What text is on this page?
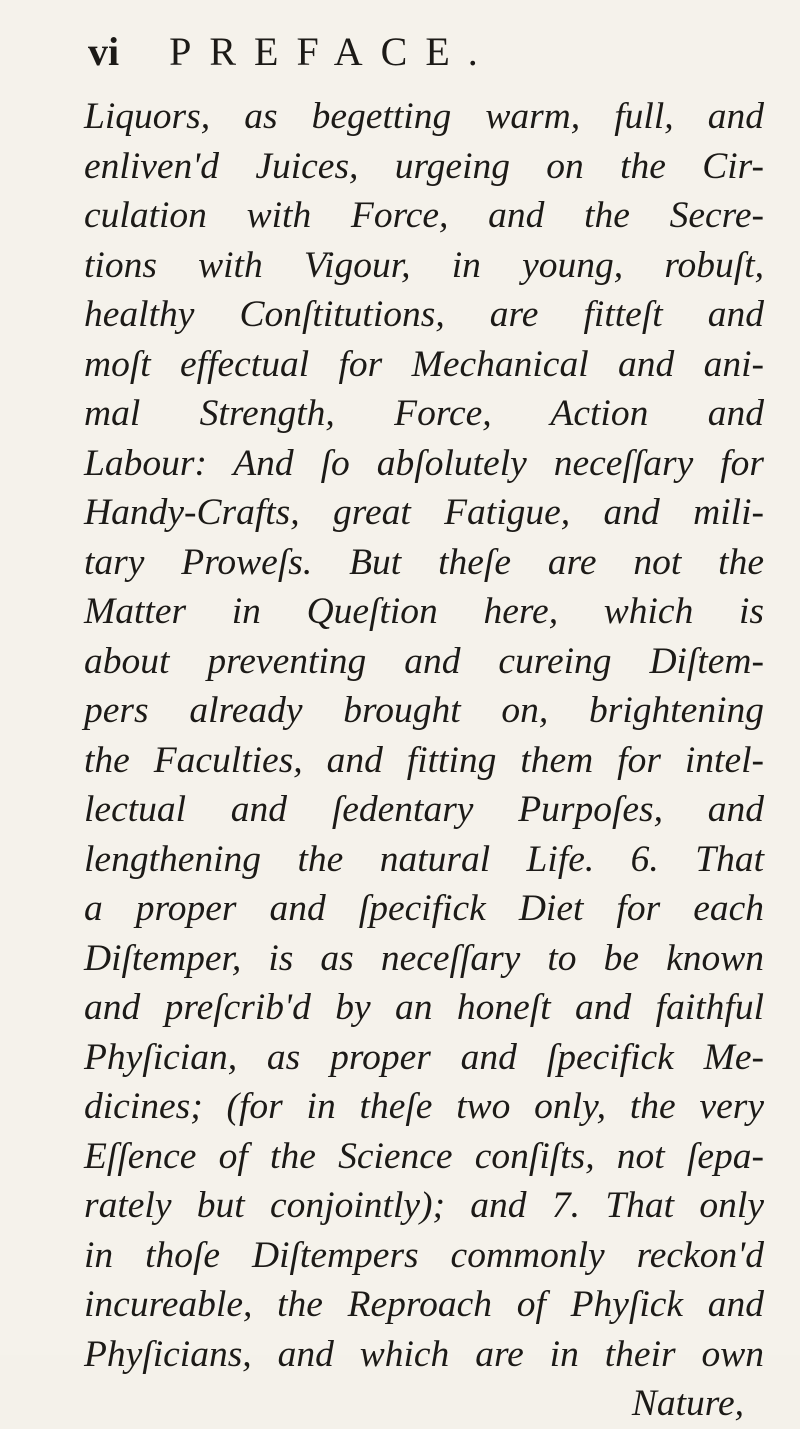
vi PREFACE.
Liquors, as begetting warm, full, and
enliven'd Juices, urgeing on the Cir-
culation with Force, and the Secre-
tions with Vigour, in young, robuſt,
healthy Conſtitutions, are fitteſt and
moſt effectual for Mechanical and ani-
mal Strength, Force, Action and
Labour: And ſo abſolutely neceſſary for
Handy-Crafts, great Fatigue, and mili-
tary Proweſs. But theſe are not the
Matter in Queſtion here, which is
about preventing and cureing Diſtem-
pers already brought on, brightening
the Faculties, and fitting them for intel-
lectual and ſedentary Purpoſes, and
lengthening the natural Life. 6. That
a proper and ſpecifick Diet for each
Diſtemper, is as neceſſary to be known
and preſcrib'd by an honeſt and faithful
Phyſician, as proper and ſpecifick Me-
dicines; (for in theſe two only, the very
Eſſence of the Science conſiſts, not ſepa-
rately but conjointly); and 7. That only
in thoſe Diſtempers commonly reckon'd
incureable, the Reproach of Phyſick and
Phyſicians, and which are in their own
Nature,
